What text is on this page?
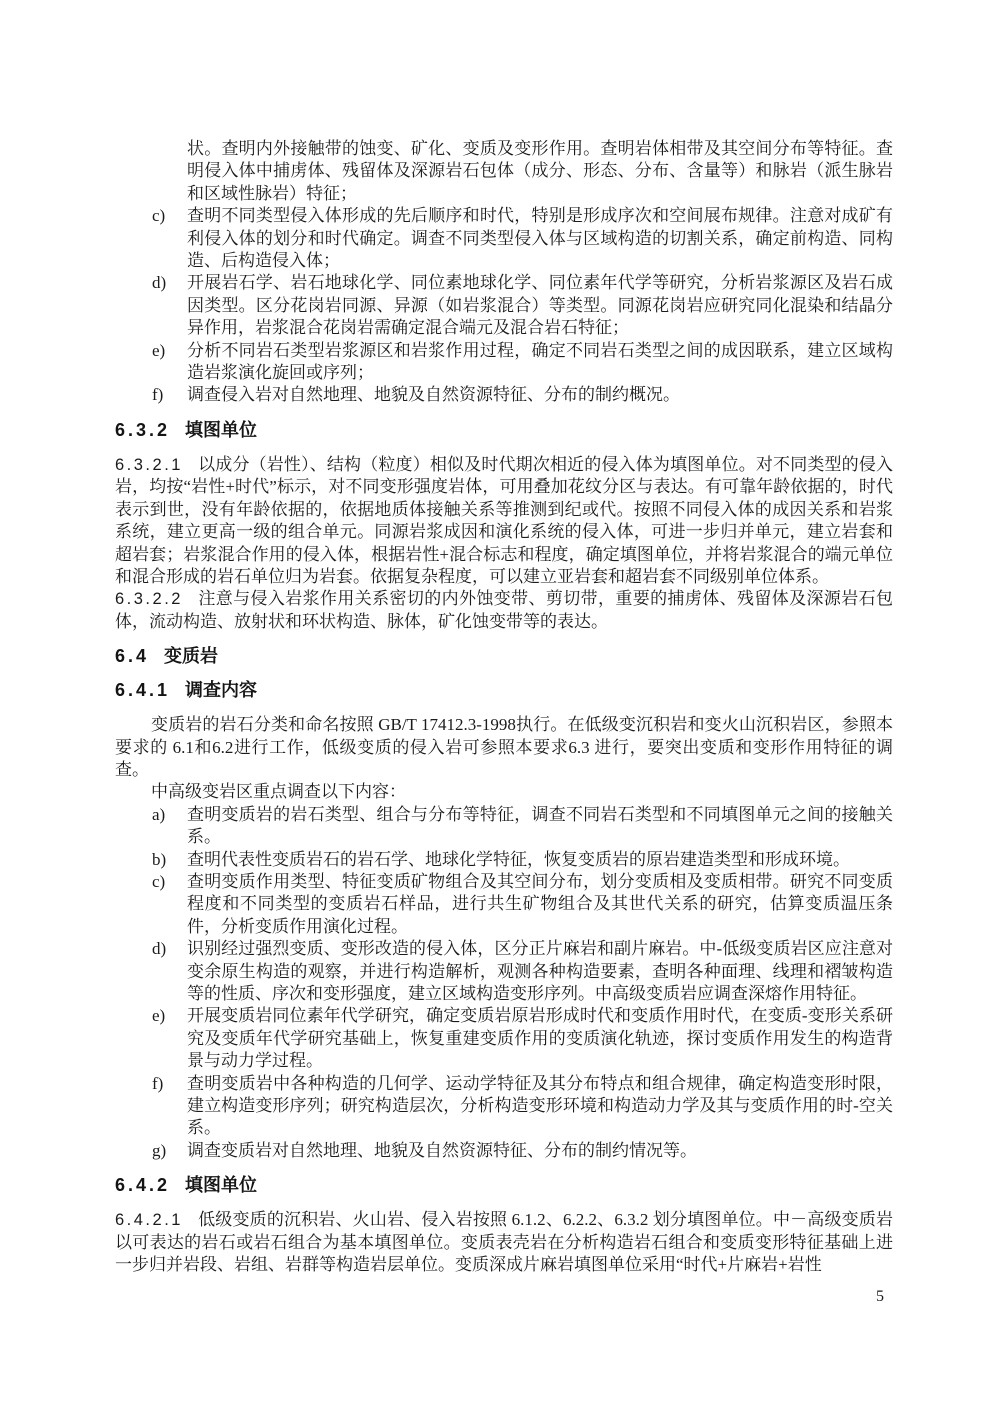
状。查明内外接触带的蚀变、矿化、变质及变形作用。查明岩体相带及其空间分布等特征。查明侵入体中捕虏体、残留体及深源岩石包体（成分、形态、分布、含量等）和脉岩（派生脉岩和区域性脉岩）特征；
c) 查明不同类型侵入体形成的先后顺序和时代，特别是形成序次和空间展布规律。注意对成矿有利侵入体的划分和时代确定。调查不同类型侵入体与区域构造的切割关系，确定前构造、同构造、后构造侵入体；
d) 开展岩石学、岩石地球化学、同位素地球化学、同位素年代学等研究，分析岩浆源区及岩石成因类型。区分花岗岩同源、异源（如岩浆混合）等类型。同源花岗岩应研究同化混染和结晶分异作用，岩浆混合花岗岩需确定混合端元及混合岩石特征；
e) 分析不同岩石类型岩浆源区和岩浆作用过程，确定不同岩石类型之间的成因联系，建立区域构造岩浆演化旋回或序列；
f) 调查侵入岩对自然地理、地貌及自然资源特征、分布的制约概况。
6.3.2 填图单位

6.3.2.1 以成分（岩性）、结构（粒度）相似及时代期次相近的侵入体为填图单位。对不同类型的侵入岩，均按“岩性+时代”标示，对不同变形强度岩体，可用叠加花纹分区与表达。有可靠年龄依据的，时代表示到世，没有年龄依据的，依据地质体接触关系等推测到纪或代。按照不同侵入体的成因关系和岩浆系统，建立更高一级的组合单元。同源岩浆成因和演化系统的侵入体，可进一步归并单元，建立岩套和超岩套；岩浆混合作用的侵入体，根据岩性+混合标志和程度，确定填图单位，并将岩浆混合的端元单位和混合形成的岩石单位归为岩套。依据复杂程度，可以建立亚岩套和超岩套不同级别单位体系。

6.3.2.2 注意与侵入岩浆作用关系密切的内外蚀变带、剪切带，重要的捕虏体、残留体及深源岩石包体，流动构造、放射状和环状构造、脉体，矿化蚀变带等的表达。

6.4 变质岩
6.4.1 调查内容

变质岩的岩石分类和命名按照 GB/T 17412.3-1998执行。在低级变沉积岩和变火山沉积岩区，参照本要求的 6.1和6.2进行工作，低级变质的侵入岩可参照本要求6.3 进行，要突出变质和变形作用特征的调查。

中高级变岩区重点调查以下内容：

a) 查明变质岩的岩石类型、组合与分布等特征，调查不同岩石类型和不同填图单元之间的接触关系。
b) 查明代表性变质岩石的岩石学、地球化学特征，恢复变质岩的原岩建造类型和形成环境。
c) 查明变质作用类型、特征变质矿物组合及其空间分布，划分变质相及变质相带。研究不同变质程度和不同类型的变质岩石样品，进行共生矿物组合及其世代关系的研究，估算变质温压条件，分析变质作用演化过程。
d) 识别经过强烈变质、变形改造的侵入体，区分正片麻岩和副片麻岩。中-低级变质岩区应注意对变余原生构造的观察，并进行构造解析，观测各种构造要素，查明各种面理、线理和褶皱构造等的性质、序次和变形强度，建立区域构造变形序列。中高级变质岩应调查深熔作用特征。
e) 开展变质岩同位素年代学研究，确定变质岩原岩形成时代和变质作用时代，在变质-变形关系研究及变质年代学研究基础上，恢复重建变质作用的变质演化轨迹，探讨变质作用发生的构造背景与动力学过程。
f) 查明变质岩中各种构造的几何学、运动学特征及其分布特点和组合规律，确定构造变形时限，建立构造变形序列；研究构造层次，分析构造变形环境和构造动力学及其与变质作用的时-空关系。
g) 调查变质岩对自然地理、地貌及自然资源特征、分布的制约情况等。
6.4.2 填图单位

6.4.2.1 低级变质的沉积岩、火山岩、侵入岩按照 6.1.2、6.2.2、6.3.2 划分填图单位。中－高级变质岩以可表达的岩石或岩石组合为基本填图单位。变质表壳岩在分析构造岩石组合和变质变形特征基础上进一步归并岩段、岩组、岩群等构造岩层单位。变质深成片麻岩填图单位采用“时代+片麻岩+岩性

5
